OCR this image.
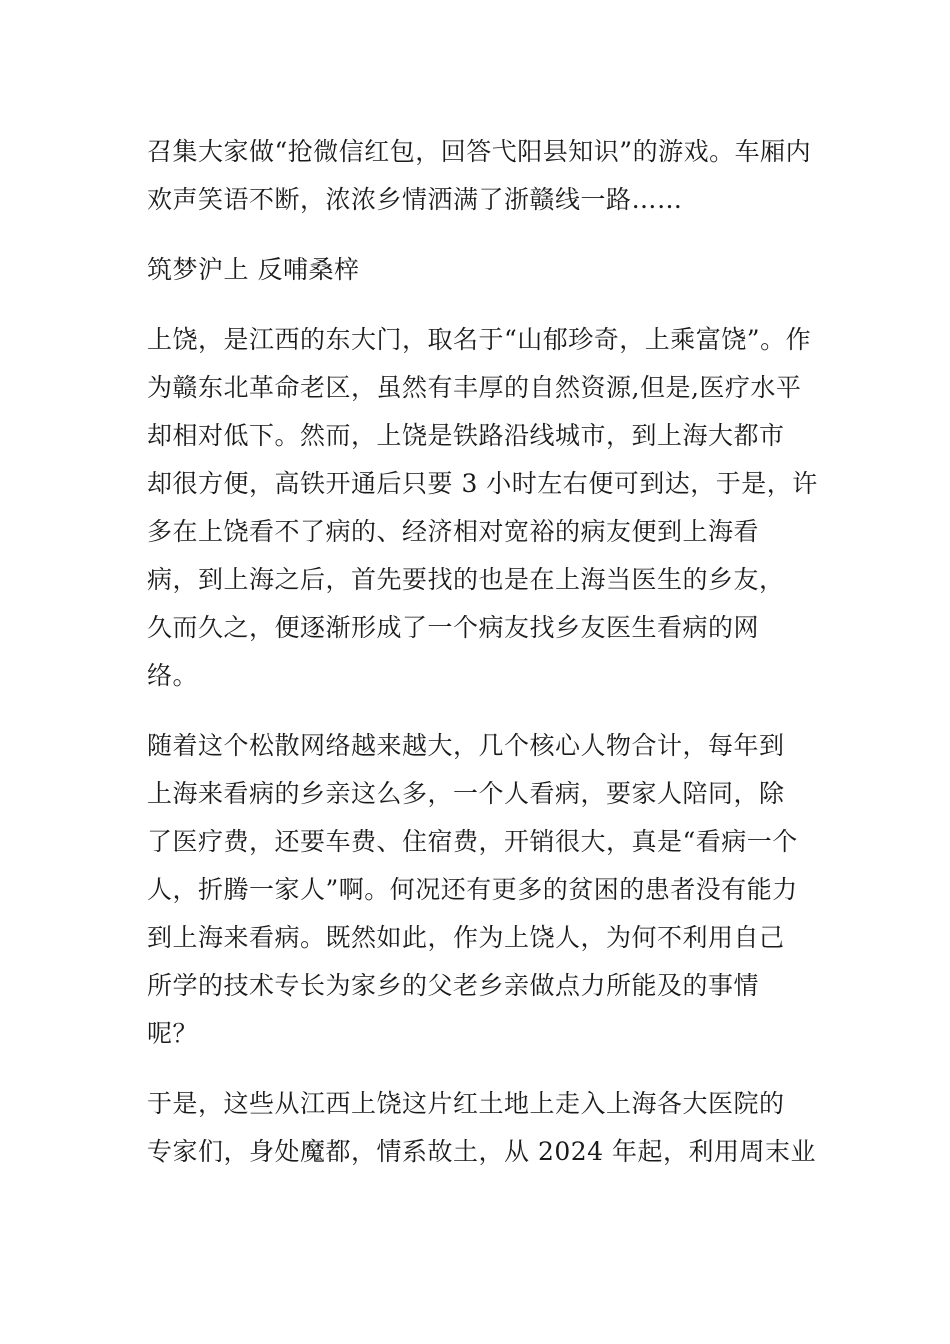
召集大家做“抢微信红包，回答弋阳县知识”的游戏。车厢内
欢声笑语不断，浓浓乡情洒满了浙赣线一路……
筑梦沪上 反哺桑梓
上饶，是江西的东大门，取名于“山郁珍奇，上乘富饶”。作
为赣东北革命老区，虽然有丰厚的自然资源,但是,医疗水平
却相对低下。然而，上饶是铁路沿线城市，到上海大都市
却很方便，高铁开通后只要 3 小时左右便可到达，于是，许
多在上饶看不了病的、经济相对宽裕的病友便到上海看
病，到上海之后，首先要找的也是在上海当医生的乡友，
久而久之，便逐渐形成了一个病友找乡友医生看病的网
络。
随着这个松散网络越来越大，几个核心人物合计，每年到
上海来看病的乡亲这么多，一个人看病，要家人陪同，除
了医疗费，还要车费、住宿费，开销很大，真是“看病一个
人，折腾一家人”啊。何况还有更多的贫困的患者没有能力
到上海来看病。既然如此，作为上饶人，为何不利用自己
所学的技术专长为家乡的父老乡亲做点力所能及的事情
呢？
于是，这些从江西上饶这片红土地上走入上海各大医院的
专家们，身处魔都，情系故土，从 2024 年起，利用周末业
